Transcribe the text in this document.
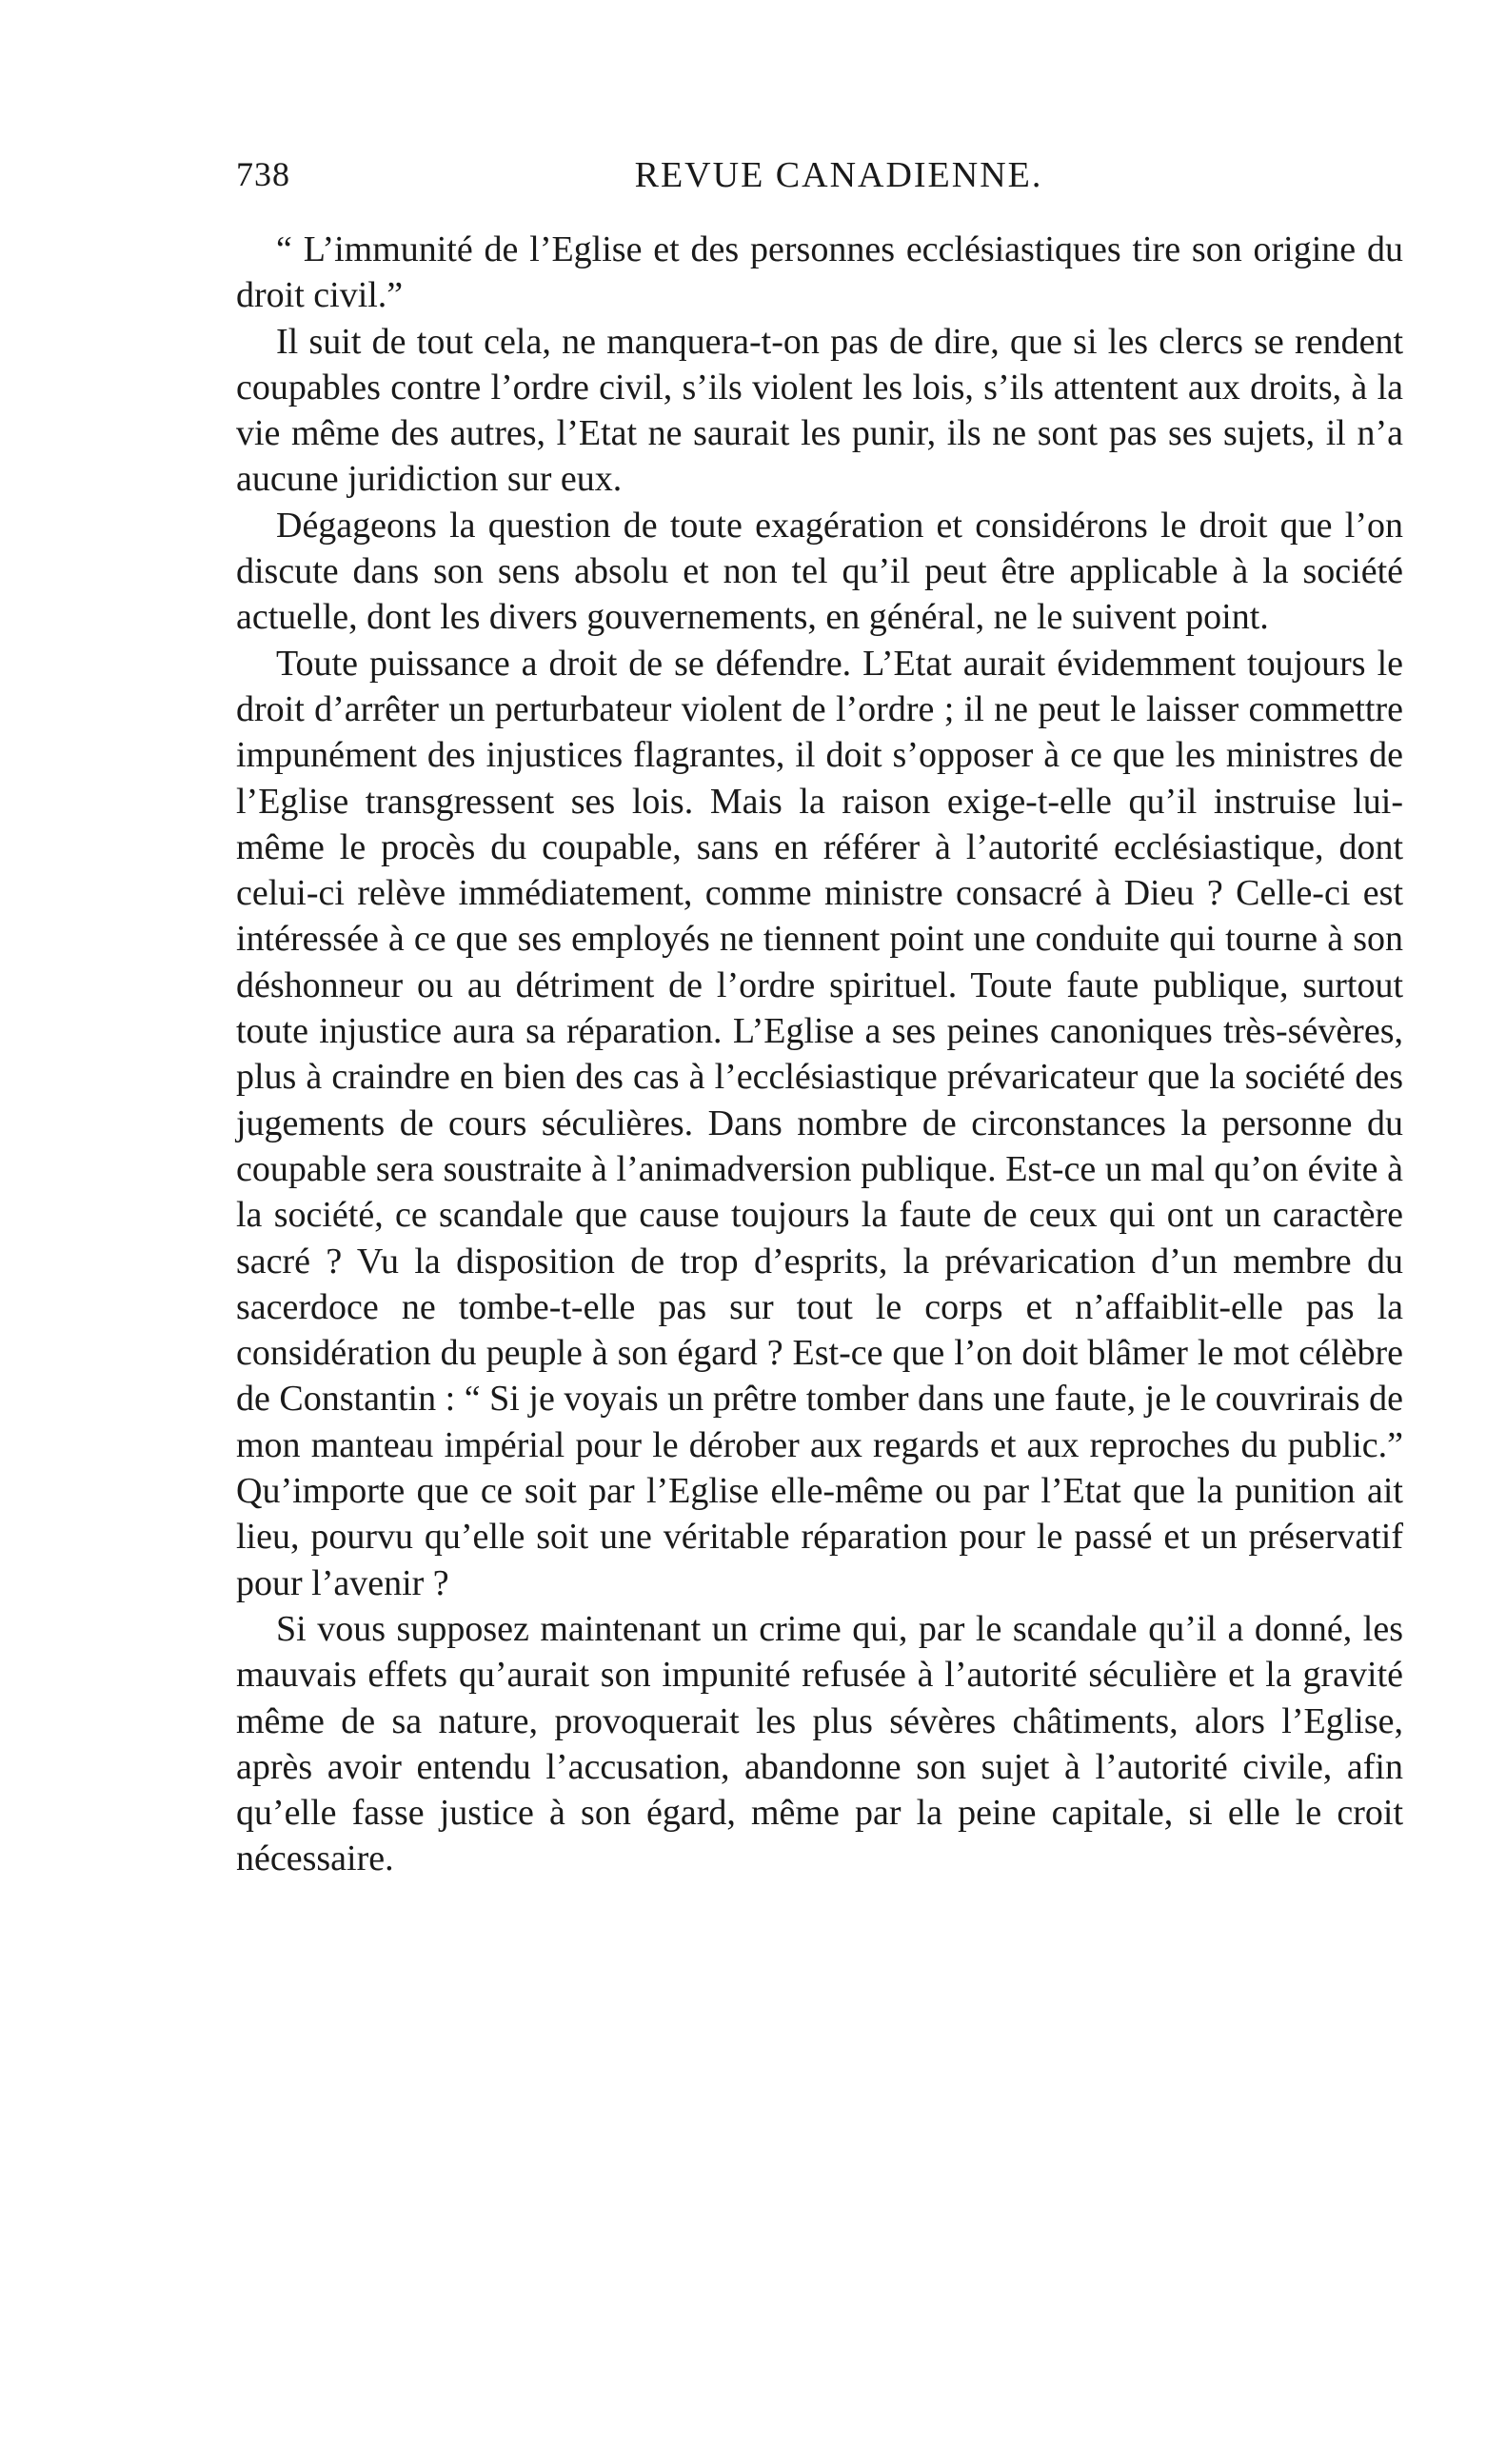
738	REVUE CANADIENNE.

“ L’immunité de l’Eglise et des personnes ecclésiastiques tire son origine du droit civil.”

Il suit de tout cela, ne manquera-t-on pas de dire, que si les clercs se rendent coupables contre l’ordre civil, s’ils violent les lois, s’ils attentent aux droits, à la vie même des autres, l’Etat ne saurait les punir, ils ne sont pas ses sujets, il n’a aucune juridiction sur eux.

Dégageons la question de toute exagération et considérons le droit que l’on discute dans son sens absolu et non tel qu’il peut être applicable à la société actuelle, dont les divers gouvernements, en général, ne le suivent point.

Toute puissance a droit de se défendre. L’Etat aurait évidemment toujours le droit d’arrêter un perturbateur violent de l’ordre ; il ne peut le laisser commettre impunément des injustices flagrantes, il doit s’opposer à ce que les ministres de l’Eglise transgressent ses lois. Mais la raison exige-t-elle qu’il instruise lui-même le procès du coupable, sans en référer à l’autorité ecclésiastique, dont celui-ci relève immédiatement, comme ministre consacré à Dieu ? Celle-ci est intéressée à ce que ses employés ne tiennent point une conduite qui tourne à son déshonneur ou au détriment de l’ordre spirituel. Toute faute publique, surtout toute injustice aura sa réparation. L’Eglise a ses peines canoniques très-sévères, plus à craindre en bien des cas à l’ecclésiastique prévaricateur que la société des jugements de cours séculières. Dans nombre de circonstances la personne du coupable sera soustraite à l’animadversion publique. Est-ce un mal qu’on évite à la société, ce scandale que cause toujours la faute de ceux qui ont un caractère sacré ? Vu la disposition de trop d’esprits, la prévarication d’un membre du sacerdoce ne tombe-t-elle pas sur tout le corps et n’affaiblit-elle pas la considération du peuple à son égard ? Est-ce que l’on doit blâmer le mot célèbre de Constantin : “ Si je voyais un prêtre tomber dans une faute, je le couvrirais de mon manteau impérial pour le dérober aux regards et aux reproches du public.” Qu’importe que ce soit par l’Eglise elle-même ou par l’Etat que la punition ait lieu, pourvu qu’elle soit une véritable réparation pour le passé et un préservatif pour l’avenir ?

Si vous supposez maintenant un crime qui, par le scandale qu’il a donné, les mauvais effets qu’aurait son impunité refusée à l’autorité séculière et la gravité même de sa nature, provoquerait les plus sévères châtiments, alors l’Eglise, après avoir entendu l’accusation, abandonne son sujet à l’autorité civile, afin qu’elle fasse justice à son égard, même par la peine capitale, si elle le croit nécessaire.
